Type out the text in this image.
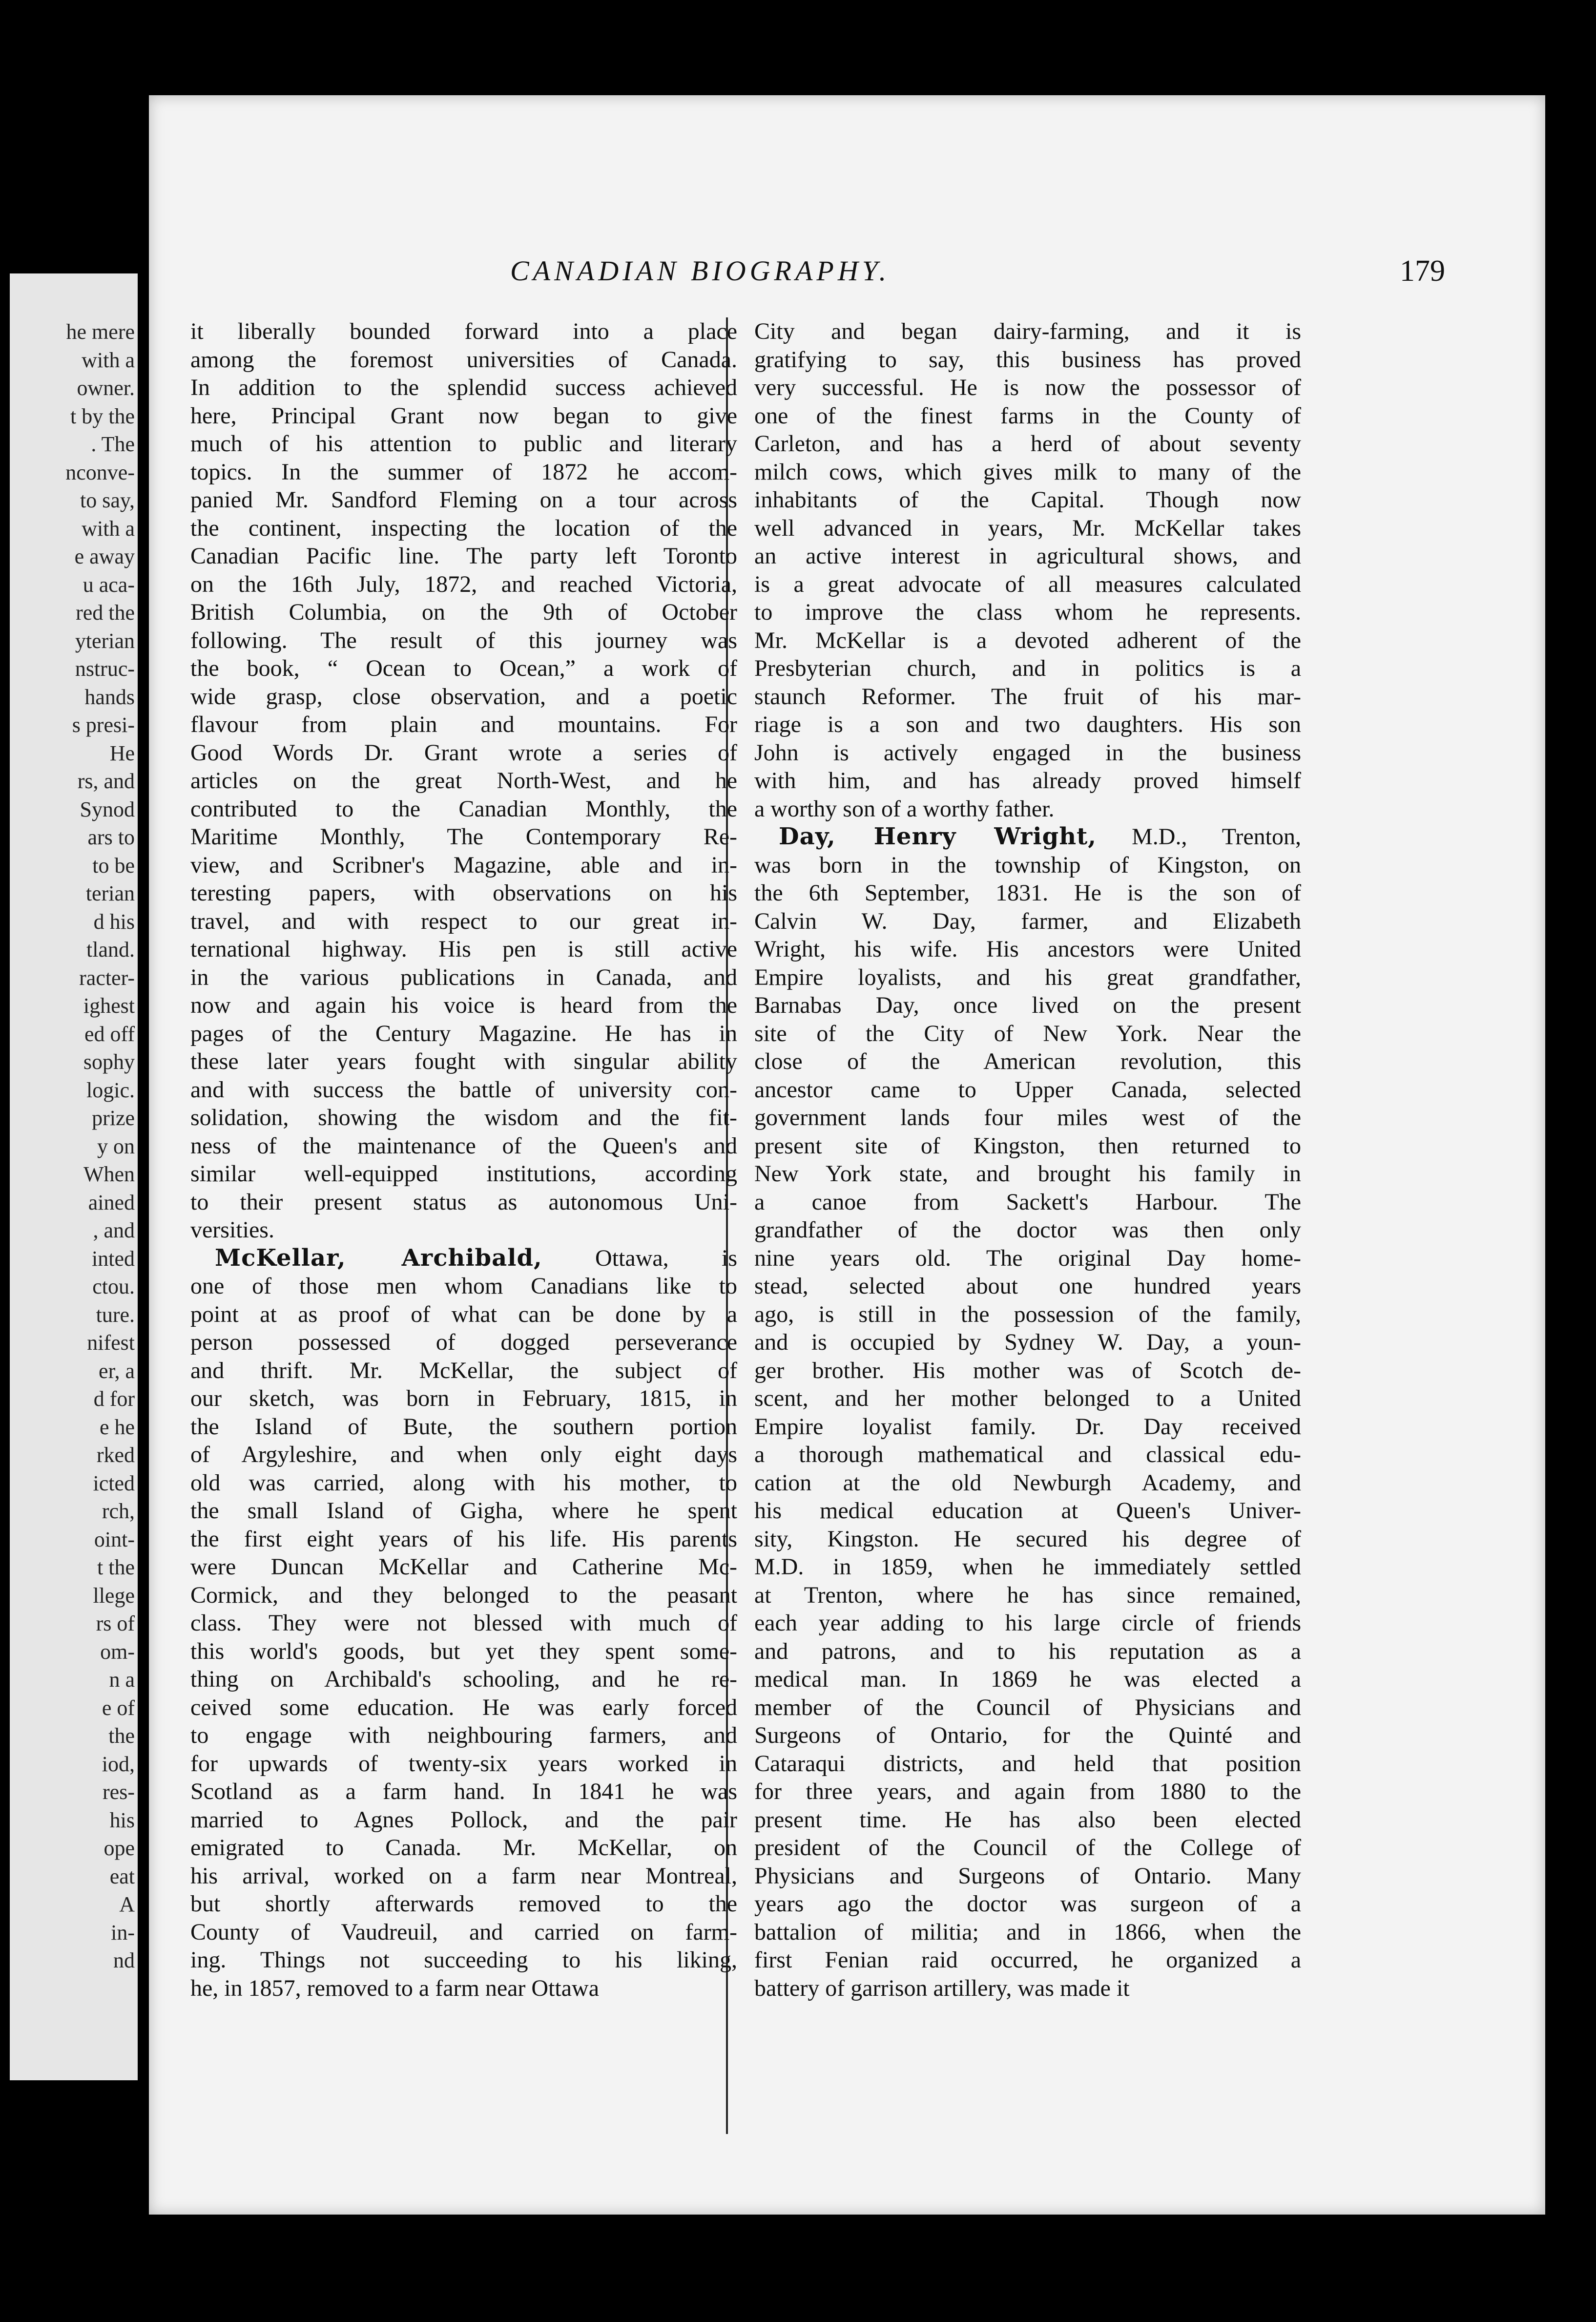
he mere
with a
owner.
t by the
. The
nconve-
to say,
with a
e away
u aca-
red the
yterian
nstruc-
hands
s presi-
He
rs, and
Synod
ars to
to be
terian
d his
tland.
racter-
ighest
ed off
sophy
logic.
prize
y on
When
ained
, and
inted
ctou.
ture.
nifest
er, a
d for
e he
rked
icted
rch,
oint-
t the
llege
rs of
om-
n a
e of
the
iod,
res-
his
ope
eat
A
in-
nd
CANADIAN BIOGRAPHY.	179

it liberally bounded forward into a place

among the foremost universities of Canada.

In addition to the splendid success achieved

here, Principal Grant now began to give

much of his attention to public and literary

topics. In the summer of 1872 he accom-

panied Mr. Sandford Fleming on a tour across

the continent, inspecting the location of the

Canadian Pacific line. The party left Toronto

on the 16th July, 1872, and reached Victoria,

British Columbia, on the 9th of October

following. The result of this journey was

the book, “ Ocean to Ocean,” a work of

wide grasp, close observation, and a poetic

flavour from plain and mountains. For

Good Words Dr. Grant wrote a series of

articles on the great North-West, and he

contributed to the Canadian Monthly, the

Maritime Monthly, The Contemporary Re-

view, and Scribner's Magazine, able and in-

teresting papers, with observations on his

travel, and with respect to our great in-

ternational highway. His pen is still active

in the various publications in Canada, and

now and again his voice is heard from the

pages of the Century Magazine. He has in

these later years fought with singular ability

and with success the battle of university con-

solidation, showing the wisdom and the fit-

ness of the maintenance of the Queen's and

similar well-equipped institutions, according

to their present status as autonomous Uni-

versities.

McKellar, Archibald, Ottawa, is

one of those men whom Canadians like to

point at as proof of what can be done by a

person possessed of dogged perseverance

and thrift. Mr. McKellar, the subject of

our sketch, was born in February, 1815, in

the Island of Bute, the southern portion

of Argyleshire, and when only eight days

old was carried, along with his mother, to

the small Island of Gigha, where he spent

the first eight years of his life. His parents

were Duncan McKellar and Catherine Mc-

Cormick, and they belonged to the peasant

class. They were not blessed with much of

this world's goods, but yet they spent some-

thing on Archibald's schooling, and he re-

ceived some education. He was early forced

to engage with neighbouring farmers, and

for upwards of twenty-six years worked in

Scotland as a farm hand. In 1841 he was

married to Agnes Pollock, and the pair

emigrated to Canada. Mr. McKellar, on

his arrival, worked on a farm near Montreal,

but shortly afterwards removed to the

County of Vaudreuil, and carried on farm-

ing. Things not succeeding to his liking,

he, in 1857, removed to a farm near Ottawa

City and began dairy-farming, and it is

gratifying to say, this business has proved

very successful. He is now the possessor of

one of the finest farms in the County of

Carleton, and has a herd of about seventy

milch cows, which gives milk to many of the

inhabitants of the Capital. Though now

well advanced in years, Mr. McKellar takes

an active interest in agricultural shows, and

is a great advocate of all measures calculated

to improve the class whom he represents.

Mr. McKellar is a devoted adherent of the

Presbyterian church, and in politics is a

staunch Reformer. The fruit of his mar-

riage is a son and two daughters. His son

John is actively engaged in the business

with him, and has already proved himself

a worthy son of a worthy father.

Day, Henry Wright, M.D., Trenton,

was born in the township of Kingston, on

the 6th September, 1831. He is the son of

Calvin W. Day, farmer, and Elizabeth

Wright, his wife. His ancestors were United

Empire loyalists, and his great grandfather,

Barnabas Day, once lived on the present

site of the City of New York. Near the

close of the American revolution, this

ancestor came to Upper Canada, selected

government lands four miles west of the

present site of Kingston, then returned to

New York state, and brought his family in

a canoe from Sackett's Harbour. The

grandfather of the doctor was then only

nine years old. The original Day home-

stead, selected about one hundred years

ago, is still in the possession of the family,

and is occupied by Sydney W. Day, a youn-

ger brother. His mother was of Scotch de-

scent, and her mother belonged to a United

Empire loyalist family. Dr. Day received

a thorough mathematical and classical edu-

cation at the old Newburgh Academy, and

his medical education at Queen's Univer-

sity, Kingston. He secured his degree of

M.D. in 1859, when he immediately settled

at Trenton, where he has since remained,

each year adding to his large circle of friends

and patrons, and to his reputation as a

medical man. In 1869 he was elected a

member of the Council of Physicians and

Surgeons of Ontario, for the Quinté and

Cataraqui districts, and held that position

for three years, and again from 1880 to the

present time. He has also been elected

president of the Council of the College of

Physicians and Surgeons of Ontario. Many

years ago the doctor was surgeon of a

battalion of militia; and in 1866, when the

first Fenian raid occurred, he organized a

battery of garrison artillery, was made it
